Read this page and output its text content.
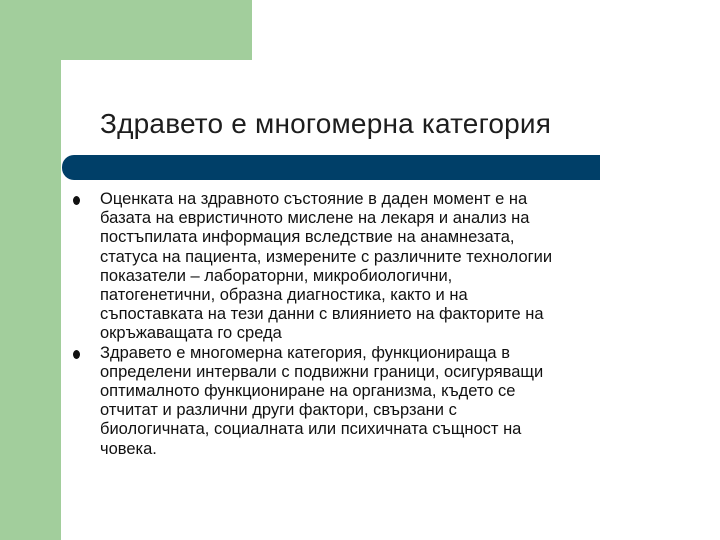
Здравето е многомерна категория
Оценката на здравното състояние в даден момент е на
базата на евристичното мислене на лекаря и анализ на
постъпилата информация вследствие на анамнезата,
статуса на пациента, измерените с различните технологии
показатели – лабораторни, микробиологични,
патогенетични, образна диагностика, както и на
съпоставката на тези данни с влиянието на факторите на
окръжаващата го среда
Здравето е многомерна категория, функционираща в
определени интервали с подвижни граници, осигуряващи
оптималното функциониране на организма, където се
отчитат и различни други фактори, свързани с
биологичната, социалната или психичната същност на
човека.
